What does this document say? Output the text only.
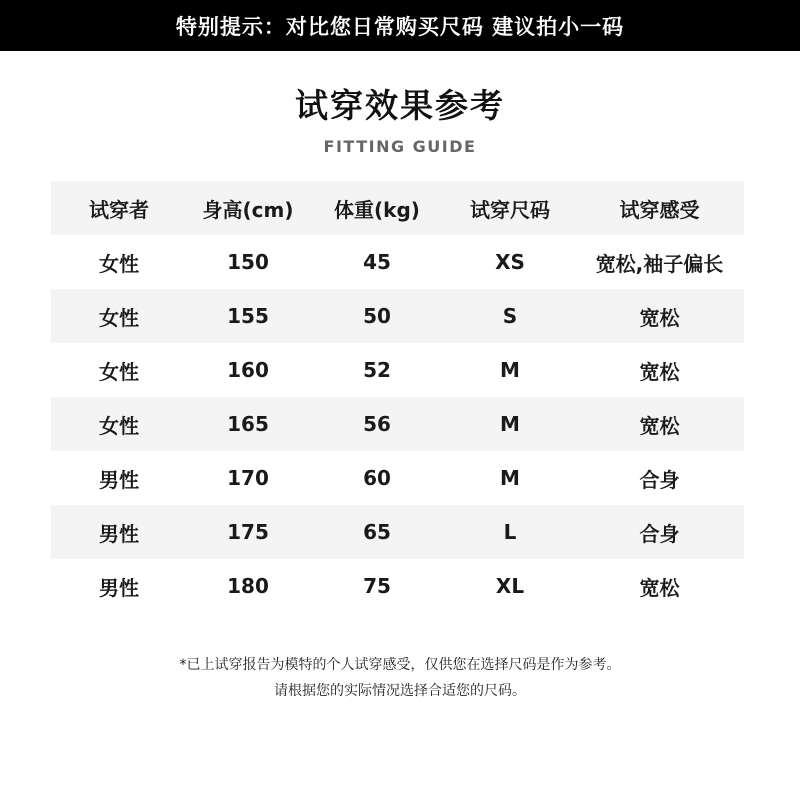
特别提示：对比您日常购买尺码 建议拍小一码
试穿效果参考
FITTING GUIDE
试穿者	身高(cm)	体重(kg)	试穿尺码	试穿感受
女性	150	45	XS	宽松,袖子偏长
女性	155	50	S	宽松
女性	160	52	M	宽松
女性	165	56	M	宽松
男性	170	60	M	合身
男性	175	65	L	合身
男性	180	75	XL	宽松
*已上试穿报告为模特的个人试穿感受，仅供您在选择尺码是作为参考。
请根据您的实际情况选择合适您的尺码。
